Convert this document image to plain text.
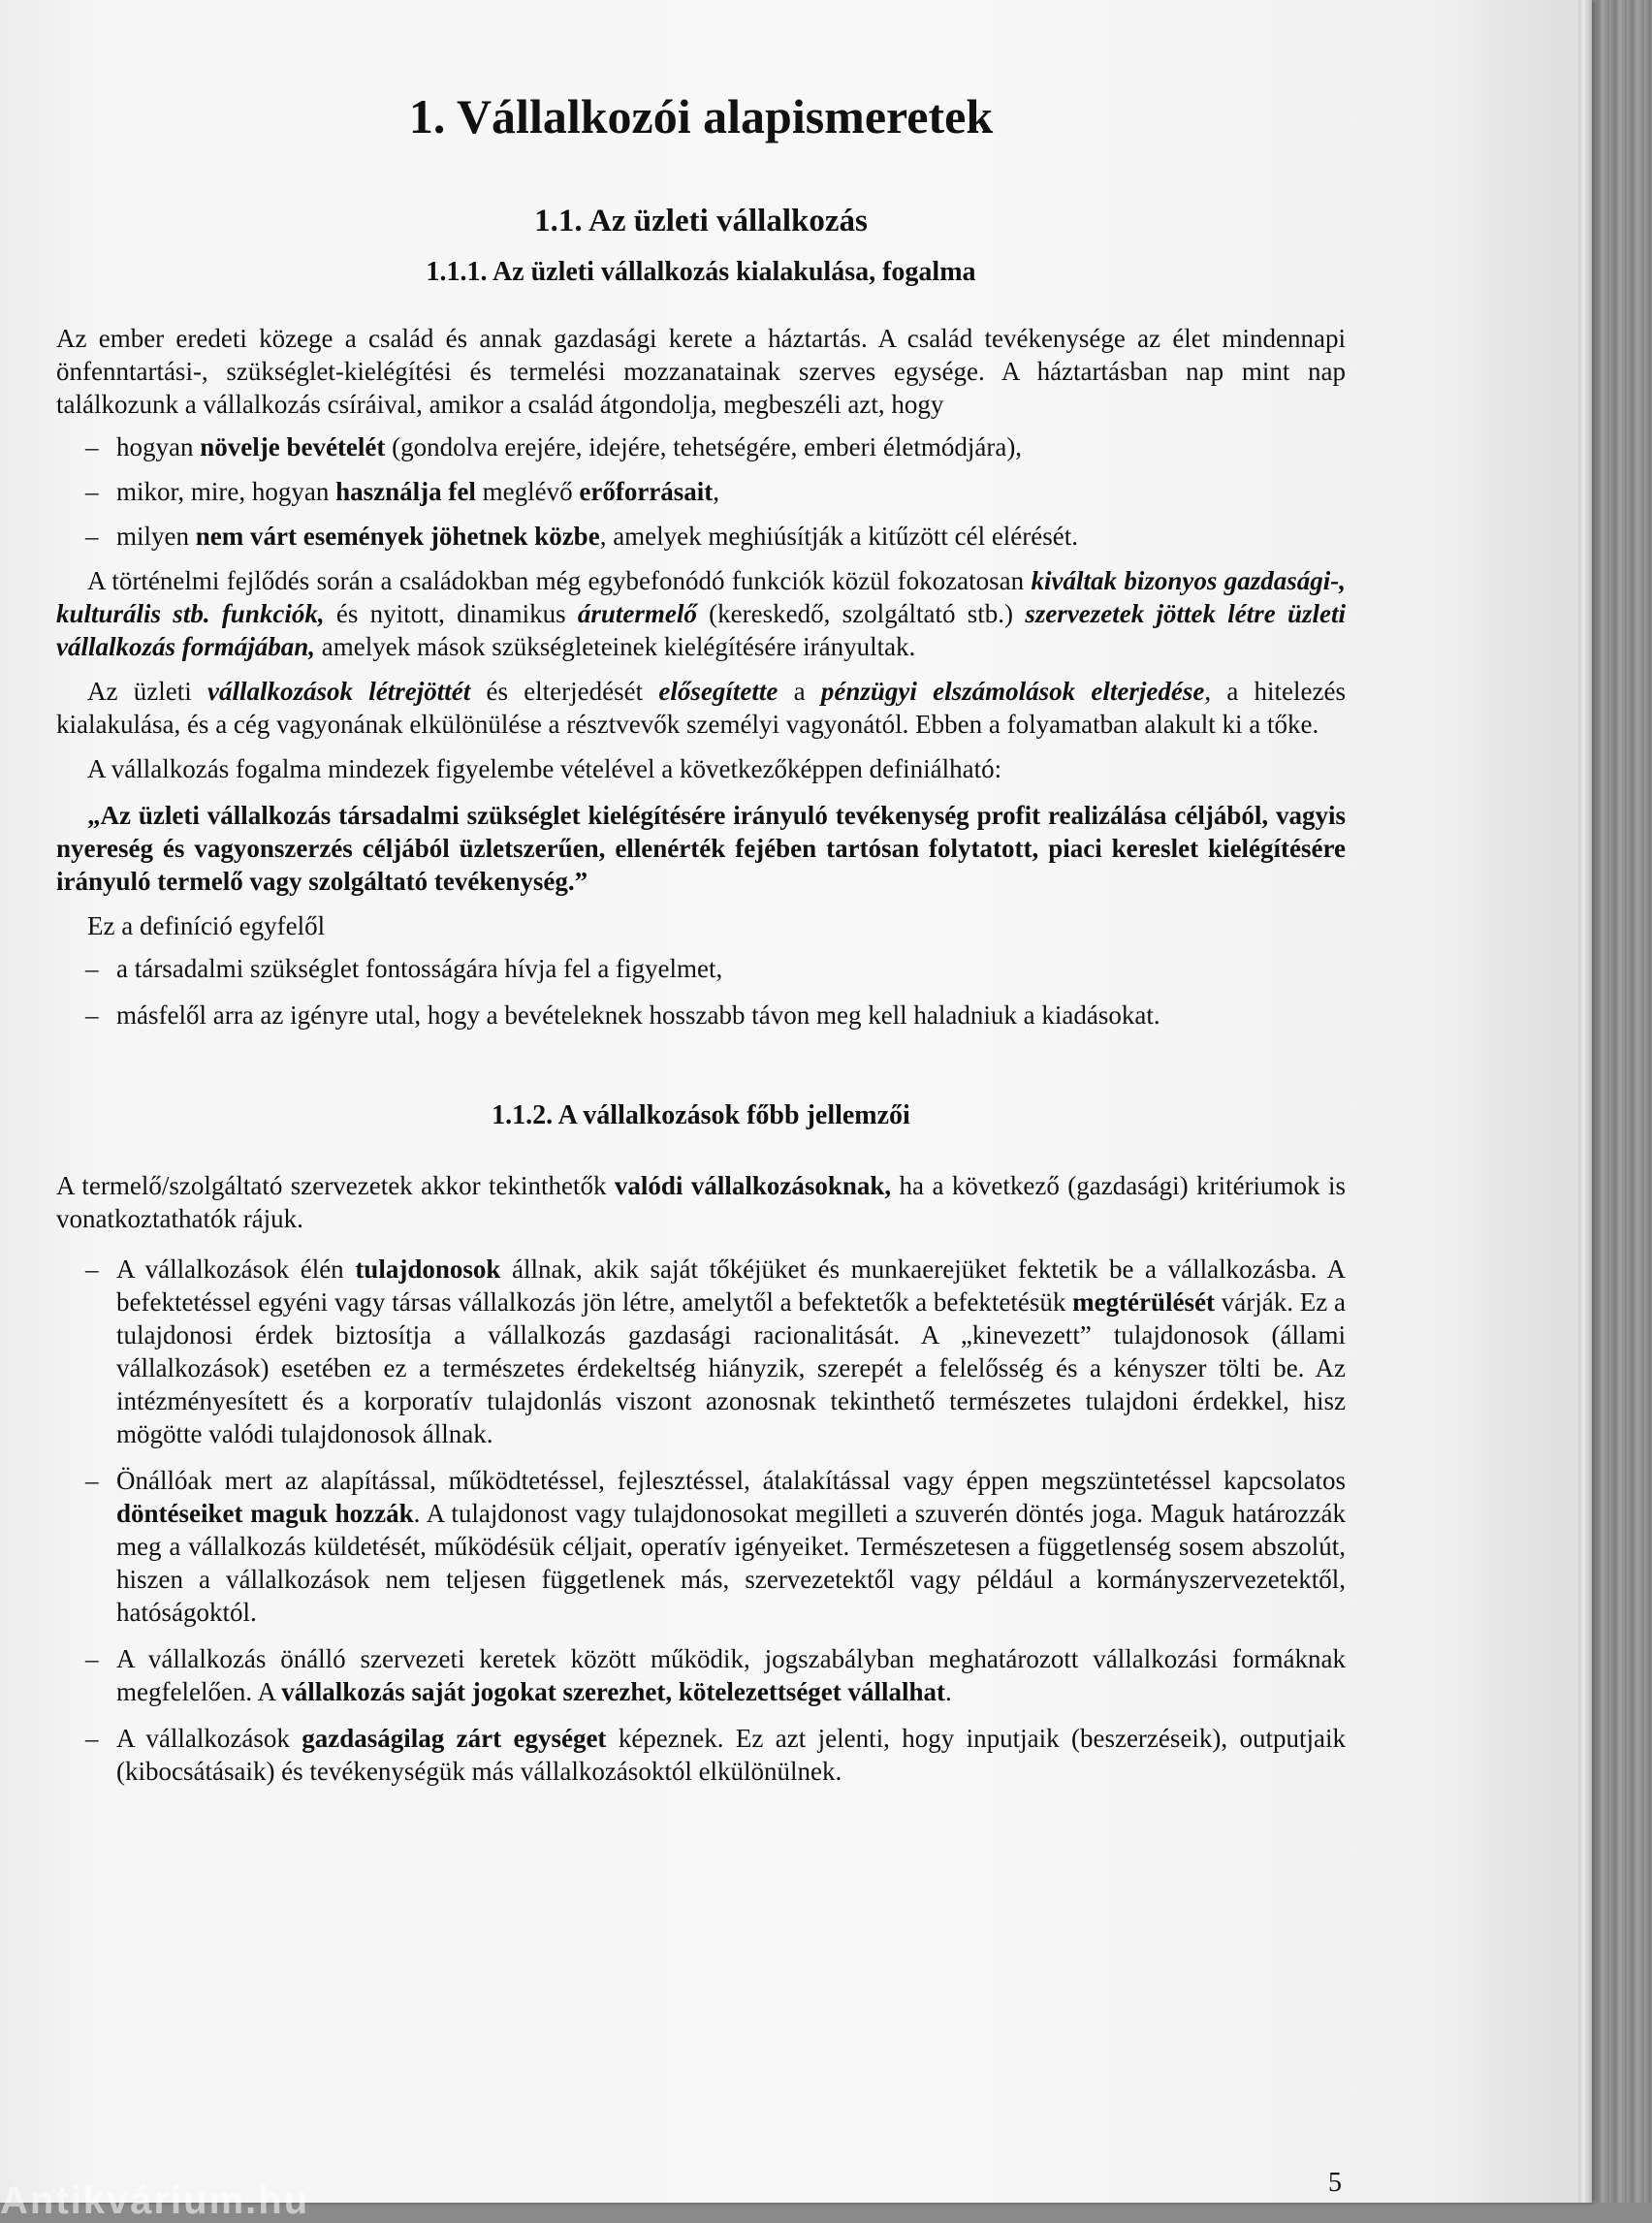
1. Vállalkozói alapismeretek
1.1. Az üzleti vállalkozás
1.1.1. Az üzleti vállalkozás kialakulása, fogalma

Az ember eredeti közege a család és annak gazdasági kerete a háztartás. A család tevékenysége az élet mindennapi önfenntartási-, szükséglet-kielégítési és termelési mozzanatainak szerves egysége. A háztartásban nap mint nap találkozunk a vállalkozás csíráival, amikor a család átgondolja, megbeszéli azt, hogy

– hogyan növelje bevételét (gondolva erejére, idejére, tehetségére, emberi életmódjára),
– mikor, mire, hogyan használja fel meglévő erőforrásait,
– milyen nem várt események jöhetnek közbe, amelyek meghiúsítják a kitűzött cél elérését.

A történelmi fejlődés során a családokban még egybefonódó funkciók közül fokozatosan kiváltak bizonyos gazdasági-, kulturális stb. funkciók, és nyitott, dinamikus árutermelő (kereskedő, szolgáltató stb.) szervezetek jöttek létre üzleti vállalkozás formájában, amelyek mások szükségleteinek kielégítésére irányultak.

Az üzleti vállalkozások létrejöttét és elterjedését elősegítette a pénzügyi elszámolások elterjedése, a hitelezés kialakulása, és a cég vagyonának elkülönülése a résztvevők személyi vagyonától. Ebben a folyamatban alakult ki a tőke.

A vállalkozás fogalma mindezek figyelembe vételével a következőképpen definiálható:

„Az üzleti vállalkozás társadalmi szükséglet kielégítésére irányuló tevékenység profit realizálása céljából, vagyis nyereség és vagyonszerzés céljából üzletszerűen, ellenérték fejében tartósan folytatott, piaci kereslet kielégítésére irányuló termelő vagy szolgáltató tevékenység.”

Ez a definíció egyfelől

– a társadalmi szükséglet fontosságára hívja fel a figyelmet,
– másfelől arra az igényre utal, hogy a bevételeknek hosszabb távon meg kell haladniuk a kiadásokat.
1.1.2. A vállalkozások főbb jellemzői

A termelő/szolgáltató szervezetek akkor tekinthetők valódi vállalkozásoknak, ha a következő (gazdasági) kritériumok is vonatkoztathatók rájuk.

– A vállalkozások élén tulajdonosok állnak, akik saját tőkéjüket és munkaerejüket fektetik be a vállalkozásba. A befektetéssel egyéni vagy társas vállalkozás jön létre, amelytől a befektetők a befektetésük megtérülését várják. Ez a tulajdonosi érdek biztosítja a vállalkozás gazdasági racionalitását. A „kinevezett” tulajdonosok (állami vállalkozások) esetében ez a természetes érdekeltség hiányzik, szerepét a felelősség és a kényszer tölti be. Az intézményesített és a korporatív tulajdonlás viszont azonosnak tekinthető természetes tulajdoni érdekkel, hisz mögötte valódi tulajdonosok állnak.
– Önállóak mert az alapítással, működtetéssel, fejlesztéssel, átalakítással vagy éppen megszüntetéssel kapcsolatos döntéseiket maguk hozzák. A tulajdonost vagy tulajdonosokat megilleti a szuverén döntés joga. Maguk határozzák meg a vállalkozás küldetését, működésük céljait, operatív igényeiket. Természetesen a függetlenség sosem abszolút, hiszen a vállalkozások nem teljesen függetlenek más, szervezetektől vagy például a kormányszervezetektől, hatóságoktól.
– A vállalkozás önálló szervezeti keretek között működik, jogszabályban meghatározott vállalkozási formáknak megfelelően. A vállalkozás saját jogokat szerezhet, kötelezettséget vállalhat.
– A vállalkozások gazdaságilag zárt egységet képeznek. Ez azt jelenti, hogy inputjaik (beszerzéseik), outputjaik (kibocsátásaik) és tevékenységük más vállalkozásoktól elkülönülnek.
5
Antikvárium.hu
